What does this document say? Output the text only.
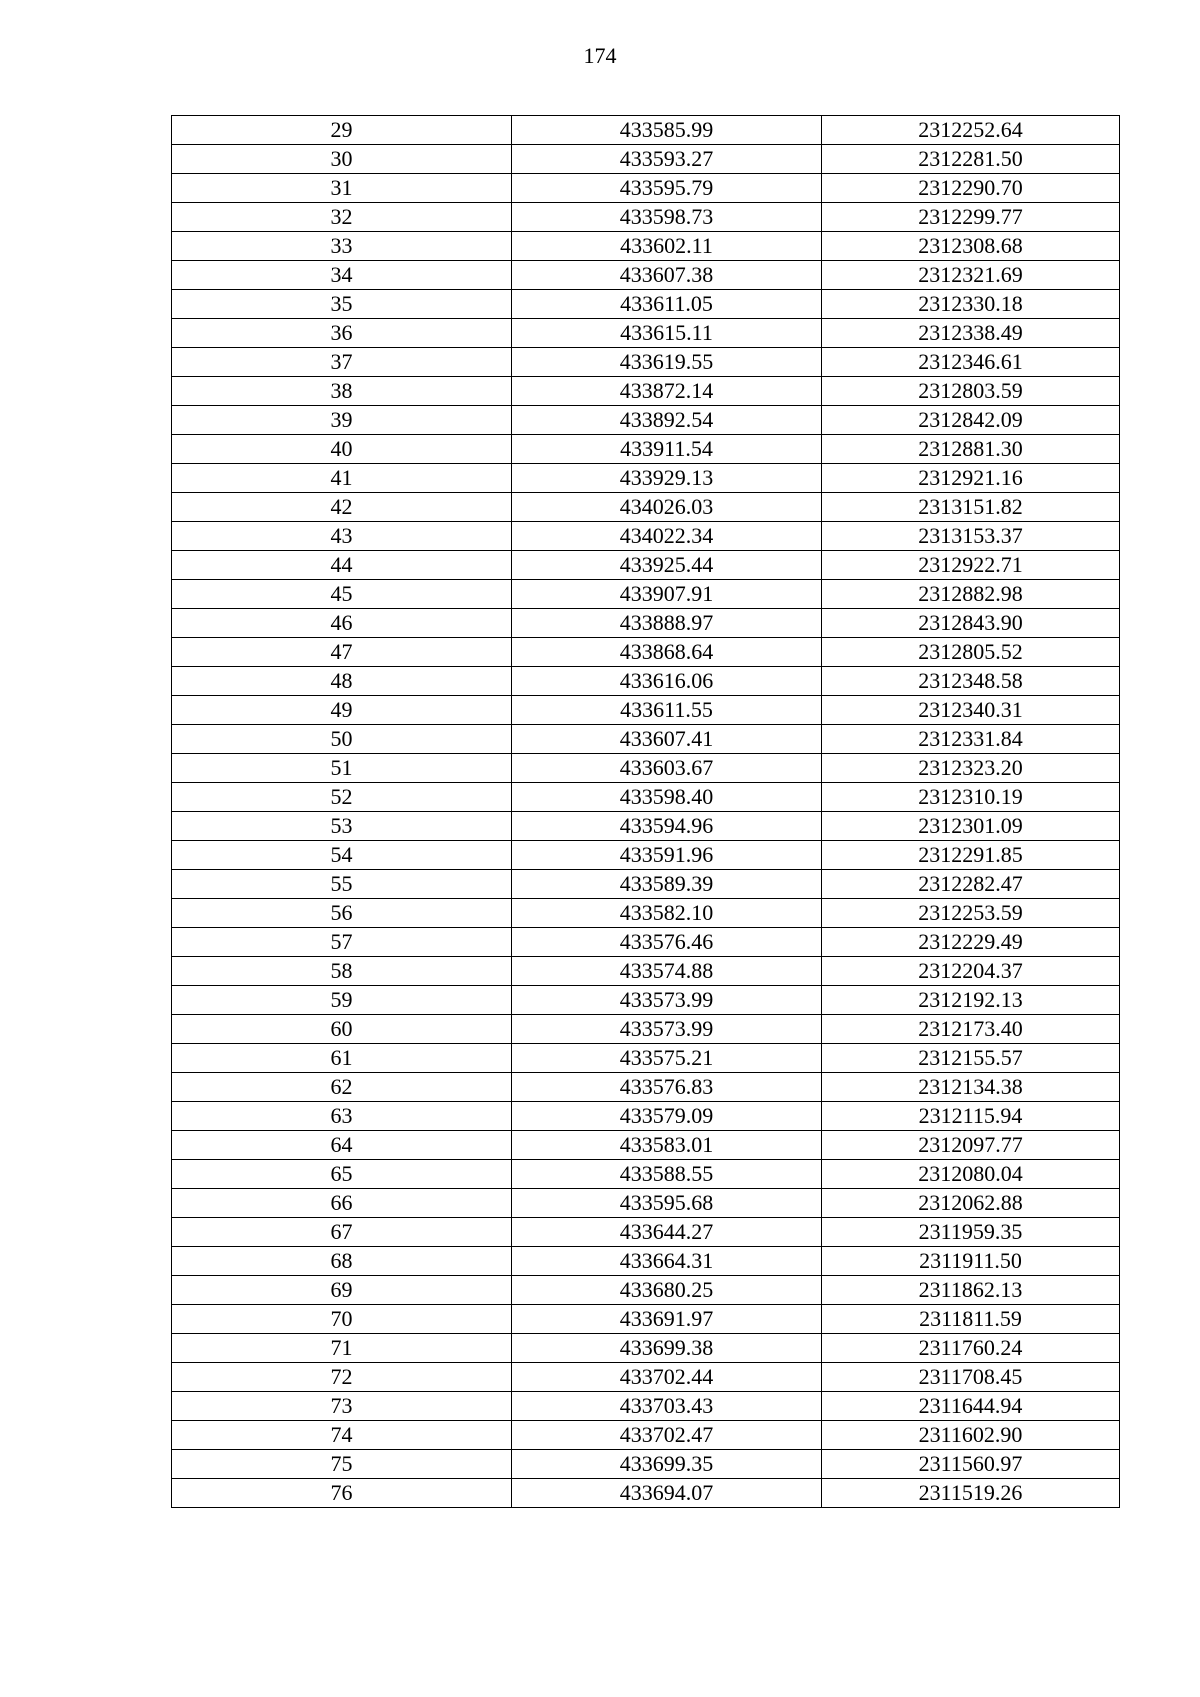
174
29	433585.99	2312252.64
30	433593.27	2312281.50
31	433595.79	2312290.70
32	433598.73	2312299.77
33	433602.11	2312308.68
34	433607.38	2312321.69
35	433611.05	2312330.18
36	433615.11	2312338.49
37	433619.55	2312346.61
38	433872.14	2312803.59
39	433892.54	2312842.09
40	433911.54	2312881.30
41	433929.13	2312921.16
42	434026.03	2313151.82
43	434022.34	2313153.37
44	433925.44	2312922.71
45	433907.91	2312882.98
46	433888.97	2312843.90
47	433868.64	2312805.52
48	433616.06	2312348.58
49	433611.55	2312340.31
50	433607.41	2312331.84
51	433603.67	2312323.20
52	433598.40	2312310.19
53	433594.96	2312301.09
54	433591.96	2312291.85
55	433589.39	2312282.47
56	433582.10	2312253.59
57	433576.46	2312229.49
58	433574.88	2312204.37
59	433573.99	2312192.13
60	433573.99	2312173.40
61	433575.21	2312155.57
62	433576.83	2312134.38
63	433579.09	2312115.94
64	433583.01	2312097.77
65	433588.55	2312080.04
66	433595.68	2312062.88
67	433644.27	2311959.35
68	433664.31	2311911.50
69	433680.25	2311862.13
70	433691.97	2311811.59
71	433699.38	2311760.24
72	433702.44	2311708.45
73	433703.43	2311644.94
74	433702.47	2311602.90
75	433699.35	2311560.97
76	433694.07	2311519.26
